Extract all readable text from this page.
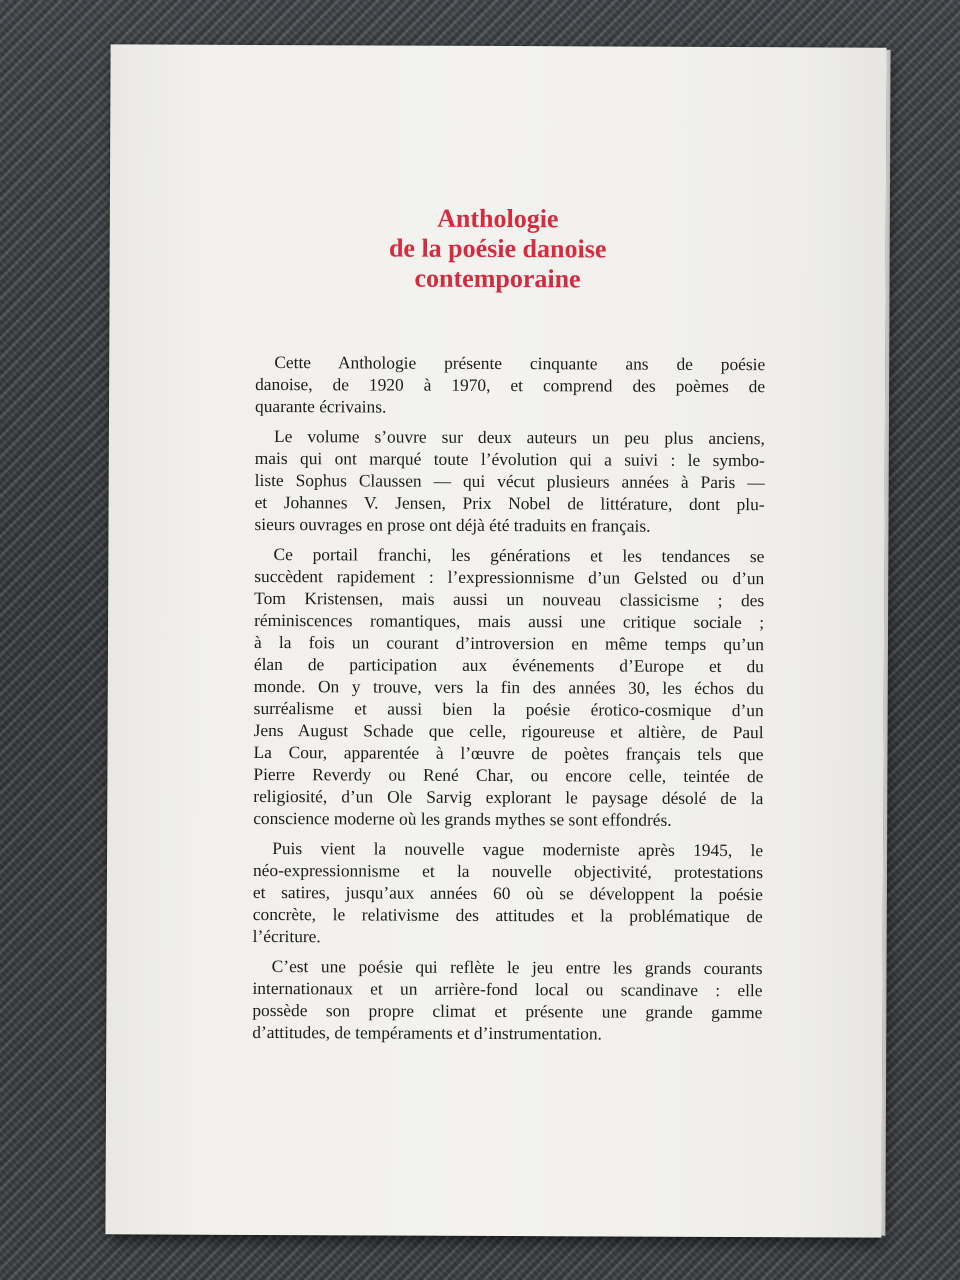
Anthologie
de la poésie danoise
contemporaine
Cette Anthologie présente cinquante ans de poésie
danoise, de 1920 à 1970, et comprend des poèmes de
quarante écrivains.
Le volume s’ouvre sur deux auteurs un peu plus anciens,
mais qui ont marqué toute l’évolution qui a suivi : le symbo-
liste Sophus Claussen — qui vécut plusieurs années à Paris —
et Johannes V. Jensen, Prix Nobel de littérature, dont plu-
sieurs ouvrages en prose ont déjà été traduits en français.
Ce portail franchi, les générations et les tendances se
succèdent rapidement : l’expressionnisme d’un Gelsted ou d’un
Tom Kristensen, mais aussi un nouveau classicisme ; des
réminiscences romantiques, mais aussi une critique sociale ;
à la fois un courant d’introversion en même temps qu’un
élan de participation aux événements d’Europe et du
monde. On y trouve, vers la fin des années 30, les échos du
surréalisme et aussi bien la poésie érotico-cosmique d’un
Jens August Schade que celle, rigoureuse et altière, de Paul
La Cour, apparentée à l’œuvre de poètes français tels que
Pierre Reverdy ou René Char, ou encore celle, teintée de
religiosité, d’un Ole Sarvig explorant le paysage désolé de la
conscience moderne où les grands mythes se sont effondrés.
Puis vient la nouvelle vague moderniste après 1945, le
néo-expressionnisme et la nouvelle objectivité, protestations
et satires, jusqu’aux années 60 où se développent la poésie
concrète, le relativisme des attitudes et la problématique de
l’écriture.
C’est une poésie qui reflète le jeu entre les grands courants
internationaux et un arrière-fond local ou scandinave : elle
possède son propre climat et présente une grande gamme
d’attitudes, de tempéraments et d’instrumentation.
